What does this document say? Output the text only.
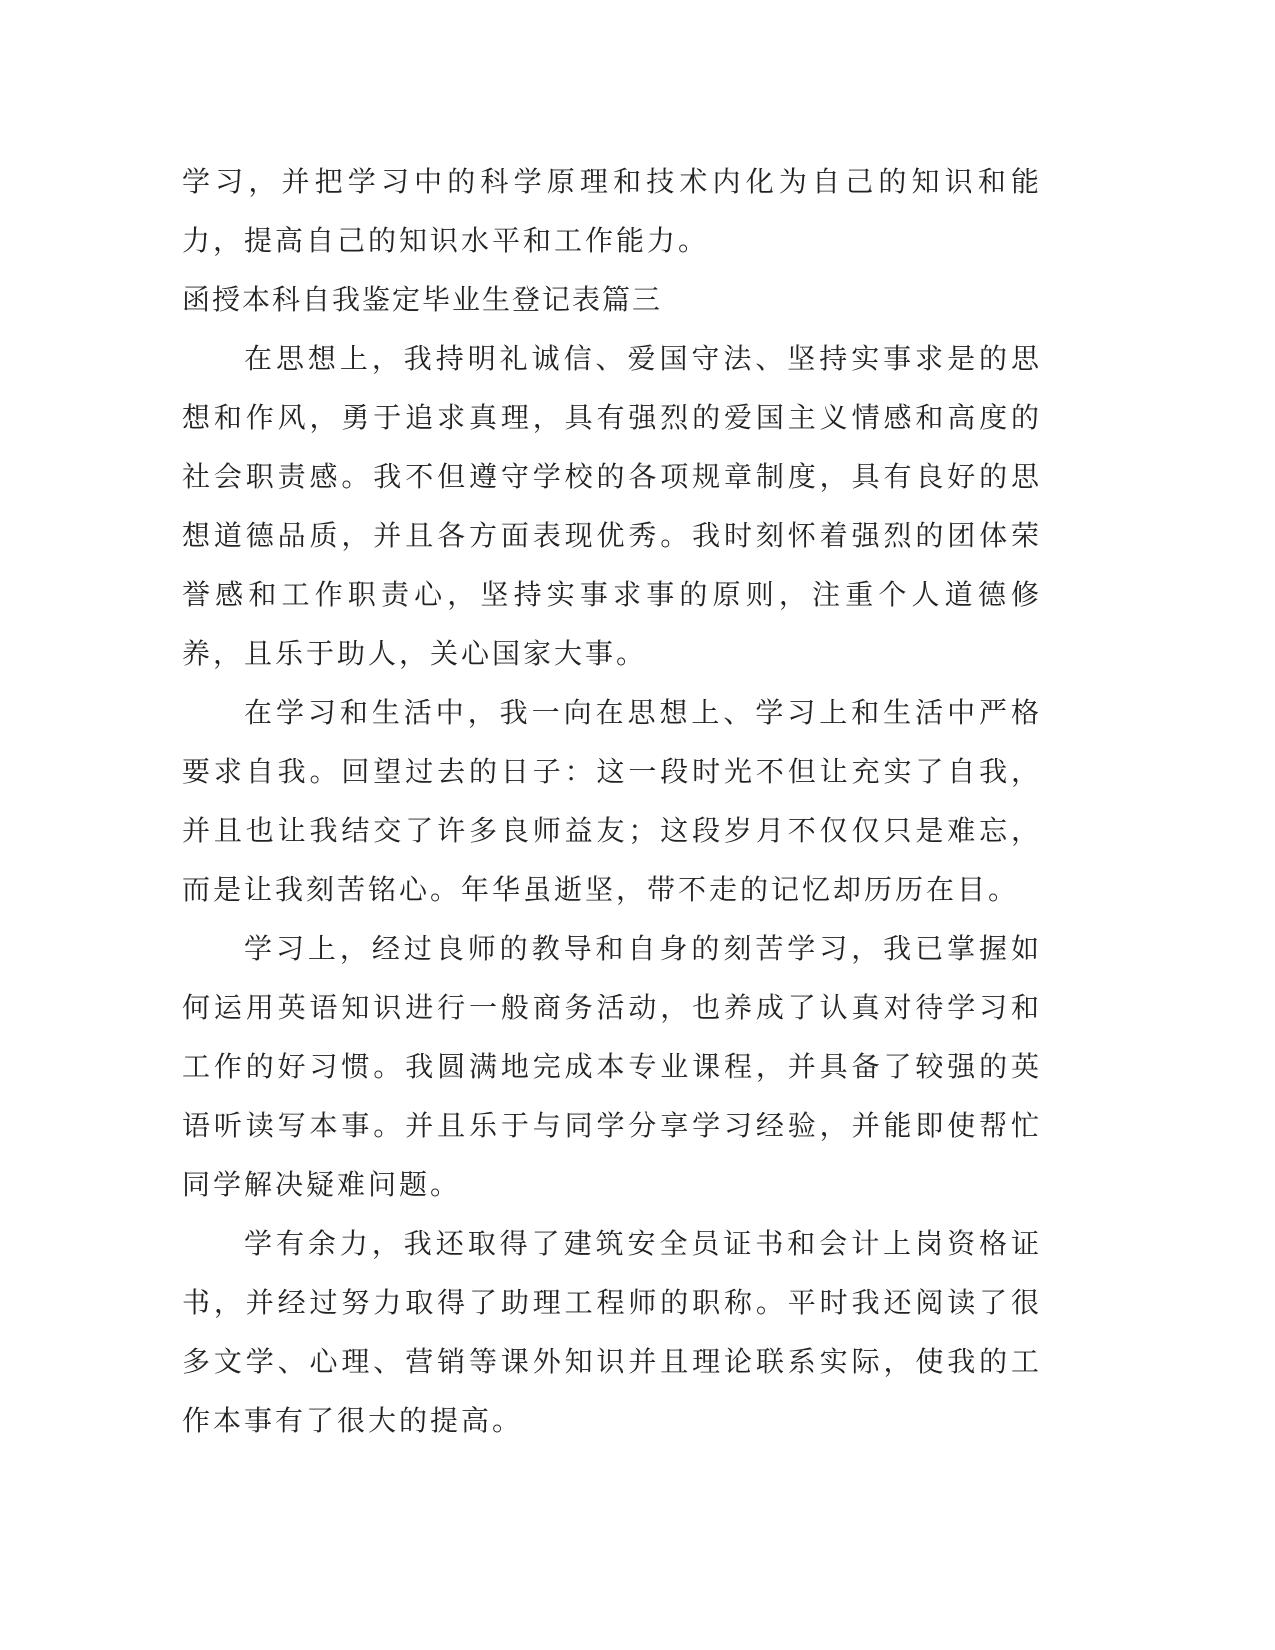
学习，并把学习中的科学原理和技术内化为自己的知识和能力，提高自己的知识水平和工作能力。

函授本科自我鉴定毕业生登记表篇三

在思想上，我持明礼诚信、爱国守法、坚持实事求是的思想和作风，勇于追求真理，具有强烈的爱国主义情感和高度的社会职责感。我不但遵守学校的各项规章制度，具有良好的思想道德品质，并且各方面表现优秀。我时刻怀着强烈的团体荣誉感和工作职责心，坚持实事求事的原则，注重个人道德修养，且乐于助人，关心国家大事。

在学习和生活中，我一向在思想上、学习上和生活中严格要求自我。回望过去的日子：这一段时光不但让充实了自我，并且也让我结交了许多良师益友；这段岁月不仅仅只是难忘，而是让我刻苦铭心。年华虽逝坚，带不走的记忆却历历在目。

学习上，经过良师的教导和自身的刻苦学习，我已掌握如何运用英语知识进行一般商务活动，也养成了认真对待学习和工作的好习惯。我圆满地完成本专业课程，并具备了较强的英语听读写本事。并且乐于与同学分享学习经验，并能即使帮忙同学解决疑难问题。

学有余力，我还取得了建筑安全员证书和会计上岗资格证书，并经过努力取得了助理工程师的职称。平时我还阅读了很多文学、心理、营销等课外知识并且理论联系实际，使我的工作本事有了很大的提高。
